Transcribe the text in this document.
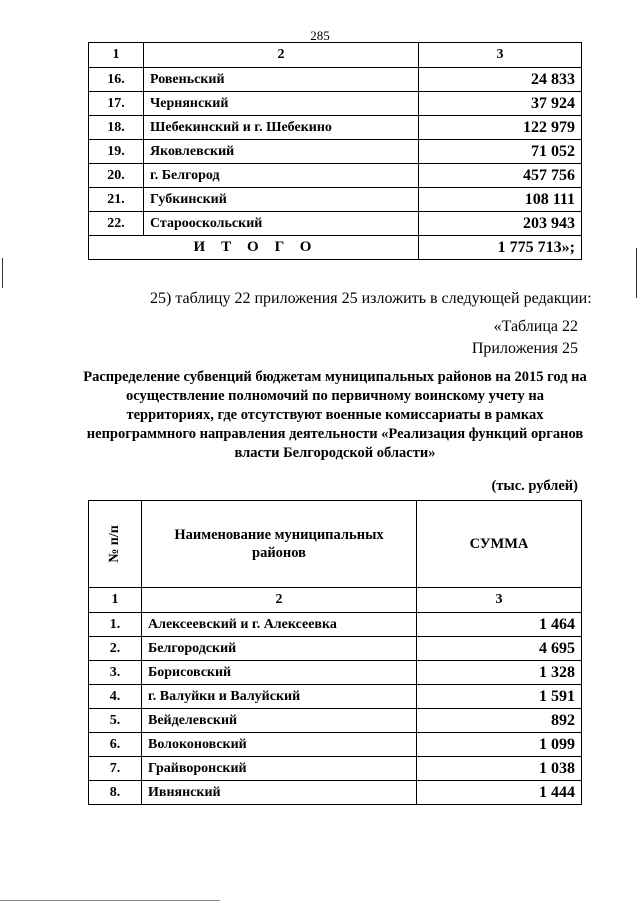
285
1	2	3
16.	Ровеньский	24 833
17.	Чернянский	37 924
18.	Шебекинский и г. Шебекино	122 979
19.	Яковлевский	71 052
20.	г. Белгород	457 756
21.	Губкинский	108 111
22.	Старооскольский	203 943
ИТОГО		1 775 713»;
25) таблицу 22 приложения 25 изложить в следующей редакции:
«Таблица 22
Приложения 25
Распределение субвенций бюджетам муниципальных районов на 2015 год на осуществление полномочий по первичному воинскому учету на территориях, где отсутствуют военные комиссариаты в рамках непрограммного направления деятельности «Реализация функций органов власти Белгородской области»
(тыс. рублей)
№ п/п	Наименование муниципальных районов	СУММА
1	2	3
1.	Алексеевский и г. Алексеевка	1 464
2.	Белгородский	4 695
3.	Борисовский	1 328
4.	г. Валуйки и Валуйский	1 591
5.	Вейделевский	892
6.	Волоконовский	1 099
7.	Грайворонский	1 038
8.	Ивнянский	1 444
